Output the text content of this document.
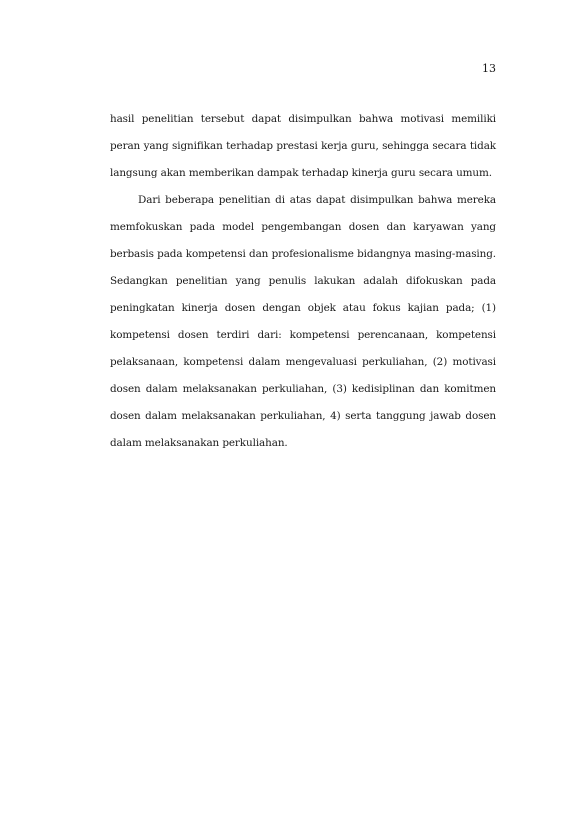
13

hasil penelitian tersebut dapat disimpulkan bahwa motivasi memiliki peran yang signifikan terhadap prestasi kerja guru, sehingga secara tidak langsung akan memberikan dampak terhadap kinerja guru secara umum.

Dari beberapa penelitian di atas dapat disimpulkan bahwa mereka memfokuskan pada model pengembangan dosen dan karyawan yang berbasis pada kompetensi dan profesionalisme bidangnya masing-masing. Sedangkan penelitian yang penulis lakukan adalah difokuskan pada peningkatan kinerja dosen dengan objek atau fokus kajian pada; (1) kompetensi dosen terdiri dari: kompetensi perencanaan, kompetensi pelaksanaan, kompetensi dalam mengevaluasi perkuliahan, (2) motivasi dosen dalam melaksanakan perkuliahan, (3) kedisiplinan dan komitmen dosen dalam melaksanakan perkuliahan, 4) serta tanggung jawab dosen dalam melaksanakan perkuliahan.
